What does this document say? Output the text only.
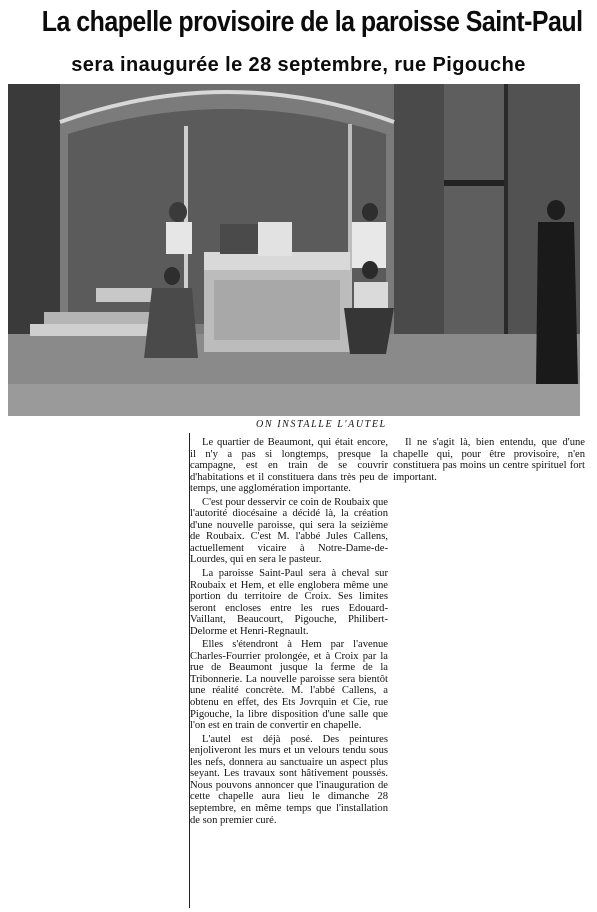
La chapelle provisoire de la paroisse Saint-Paul
sera inaugurée le 28 septembre, rue Pigouche
ON INSTALLE L'AUTEL

Le quartier de Beaumont, qui était encore, il n'y a pas si longtemps, presque la campagne, est en train de se couvrir d'habitations et il constituera dans très peu de temps, une agglomération importante.

C'est pour desservir ce coin de Roubaix que l'autorité diocésaine a décidé là, la création d'une nouvelle paroisse, qui sera la seizième de Roubaix. C'est M. l'abbé Jules Callens, actuellement vicaire à Notre-Dame-de-Lourdes, qui en sera le pasteur.

La paroisse Saint-Paul sera à cheval sur Roubaix et Hem, et elle englobera même une portion du territoire de Croix. Ses limites seront encloses entre les rues Edouard-Vaillant, Beaucourt, Pigouche, Philibert-Delorme et Henri-Regnault.

Elles s'étendront à Hem par l'avenue Charles-Fourrier prolongée, et à Croix par la rue de Beaumont jusque la ferme de la Tribonnerie. La nouvelle paroisse sera bientôt une réalité concrète. M. l'abbé Callens, a obtenu en effet, des Ets Jovrquin et Cie, rue Pigouche, la libre disposition d'une salle que l'on est en train de convertir en chapelle.

L'autel est déjà posé. Des peintures enjoliveront les murs et un velours tendu sous les nefs, donnera au sanctuaire un aspect plus seyant. Les travaux sont hâtivement poussés. Nous pouvons annoncer que l'inauguration de cette chapelle aura lieu le dimanche 28 septembre, en même temps que l'installation de son premier curé.

Il ne s'agit là, bien entendu, que d'une chapelle qui, pour être provisoire, n'en constituera pas moins un centre spirituel fort important.
